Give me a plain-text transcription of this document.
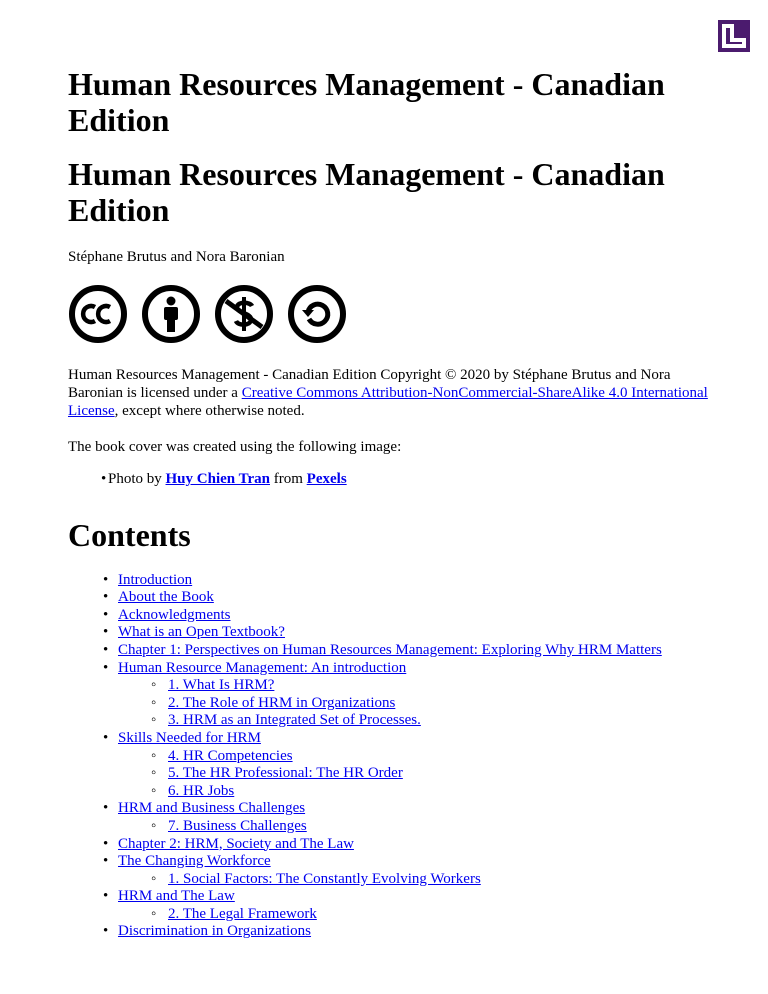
Human Resources Management - Canadian Edition
Human Resources Management - Canadian Edition
Stéphane Brutus and Nora Baronian

Human Resources Management - Canadian Edition Copyright © 2020 by Stéphane Brutus and Nora Baronian is licensed under a Creative Commons Attribution-NonCommercial-ShareAlike 4.0 International License, except where otherwise noted.

The book cover was created using the following image:

• Photo by Huy Chien Tran from Pexels
Contents
• Introduction
• About the Book
• Acknowledgments
• What is an Open Textbook?
• Chapter 1: Perspectives on Human Resources Management: Exploring Why HRM Matters
• Human Resource Management: An introduction
◦ 1. What Is HRM?
◦ 2. The Role of HRM in Organizations
◦ 3. HRM as an Integrated Set of Processes.
• Skills Needed for HRM
◦ 4. HR Competencies
◦ 5. The HR Professional: The HR Order
◦ 6. HR Jobs
• HRM and Business Challenges
◦ 7. Business Challenges
• Chapter 2: HRM, Society and The Law
• The Changing Workforce
◦ 1. Social Factors: The Constantly Evolving Workers
• HRM and The Law
◦ 2. The Legal Framework
• Discrimination in Organizations
